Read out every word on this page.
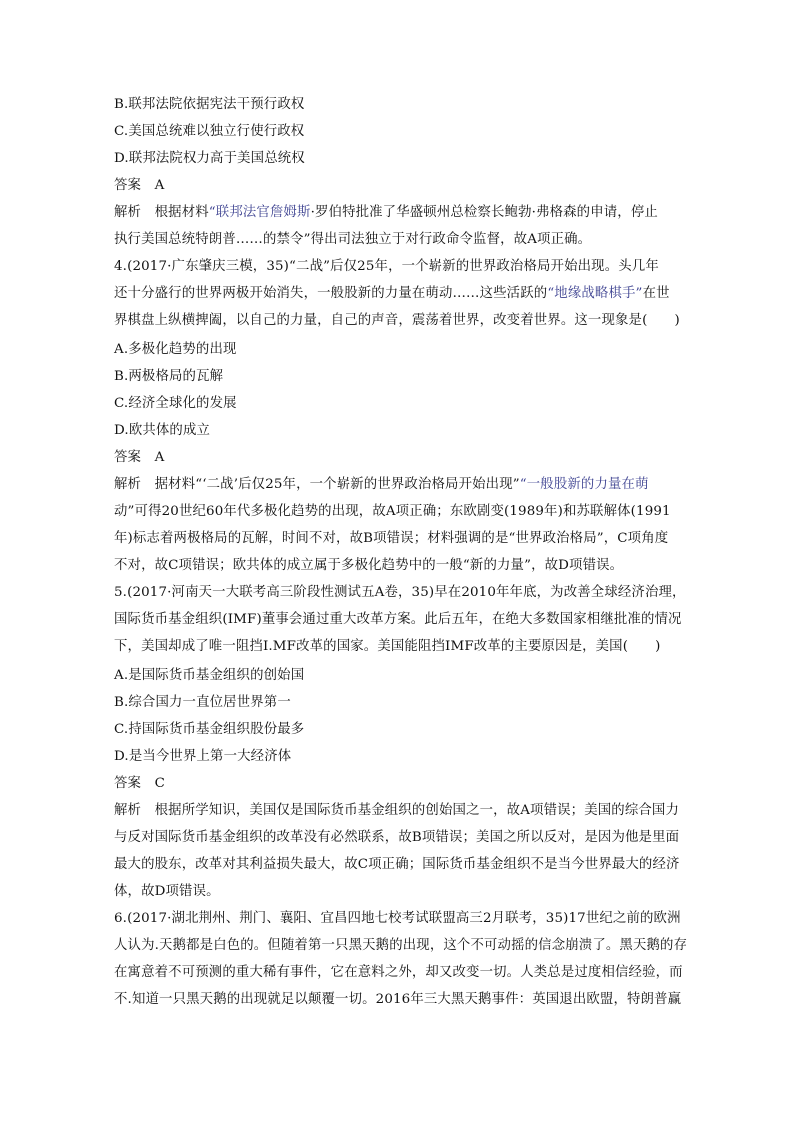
B.联邦法院依据宪法干预行政权
C.美国总统难以独立行使行政权
D.联邦法院权力高于美国总统权
答案　A
解析　根据材料“联邦法官詹姆斯·罗伯特批准了华盛顿州总检察长鲍勃·弗格森的申请，停止
执行美国总统特朗普……的禁令”得出司法独立于对行政命令监督，故A项正确。
4.(2017·广东肇庆三模，35)“二战”后仅25年，一个崭新的世界政治格局开始出现。头几年
还十分盛行的世界两极开始消失，一般股新的力量在萌动……这些活跃的“地缘战略棋手”在世
界棋盘上纵横捭阖，以自己的力量，自己的声音，震荡着世界，改变着世界。这一现象是(　　)
A.多极化趋势的出现
B.两极格局的瓦解
C.经济全球化的发展
D.欧共体的成立
答案　A
解析　据材料“‘二战’后仅25年，一个崭新的世界政治格局开始出现”“一般股新的力量在萌
动”可得20世纪60年代多极化趋势的出现，故A项正确；东欧剧变(1989年)和苏联解体(1991
年)标志着两极格局的瓦解，时间不对，故B项错误；材料强调的是“世界政治格局”，C项角度
不对，故C项错误；欧共体的成立属于多极化趋势中的一般“新的力量”，故D项错误。
5.(2017·河南天一大联考高三阶段性测试五A卷，35)早在2010年年底，为改善全球经济治理，
国际货币基金组织(IMF)董事会通过重大改革方案。此后五年，在绝大多数国家相继批准的情况
下，美国却成了唯一阻挡I.MF改革的国家。美国能阻挡IMF改革的主要原因是，美国(　　)
A.是国际货币基金组织的创始国
B.综合国力一直位居世界第一
C.持国际货币基金组织股份最多
D.是当今世界上第一大经济体
答案　C
解析　根据所学知识，美国仅是国际货币基金组织的创始国之一，故A项错误；美国的综合国力
与反对国际货币基金组织的改革没有必然联系，故B项错误；美国之所以反对，是因为他是里面
最大的股东，改革对其利益损失最大，故C项正确；国际货币基金组织不是当今世界最大的经济
体，故D项错误。
6.(2017·湖北荆州、荆门、襄阳、宜昌四地七校考试联盟高三2月联考，35)17世纪之前的欧洲
人认为.天鹅都是白色的。但随着第一只黑天鹅的出现，这个不可动摇的信念崩溃了。黑天鹅的存
在寓意着不可预测的重大稀有事件，它在意料之外，却又改变一切。人类总是过度相信经验，而
不.知道一只黑天鹅的出现就足以颠覆一切。2016年三大黑天鹅事件：英国退出欧盟，特朗普赢
